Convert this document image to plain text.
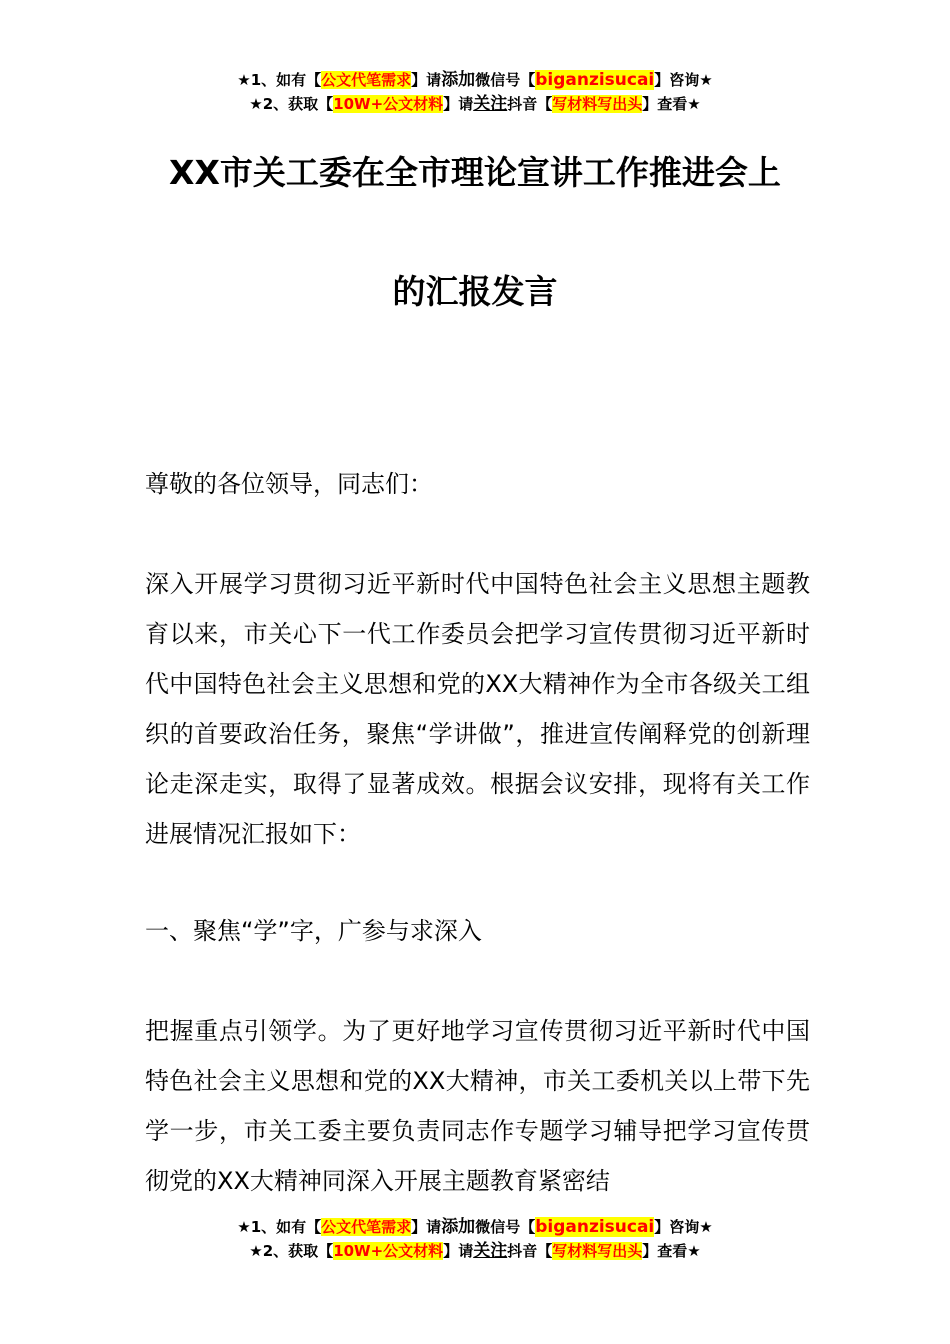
★1、如有【公文代笔需求】请添加微信号【biganzisucai】咨询★
★2、获取【10W+公文材料】请关注抖音【写材料写出头】查看★
XX市关工委在全市理论宣讲工作推进会上
的汇报发言

尊敬的各位领导，同志们：

深入开展学习贯彻习近平新时代中国特色社会主义思想主题教育以来，市关心下一代工作委员会把学习宣传贯彻习近平新时代中国特色社会主义思想和党的XX大精神作为全市各级关工组织的首要政治任务，聚焦“学讲做”，推进宣传阐释党的创新理论走深走实，取得了显著成效。根据会议安排，现将有关工作进展情况汇报如下：

一、聚焦“学”字，广参与求深入

把握重点引领学。为了更好地学习宣传贯彻习近平新时代中国特色社会主义思想和党的XX大精神，市关工委机关以上带下先学一步，市关工委主要负责同志作专题学习辅导把学习宣传贯彻党的XX大精神同深入开展主题教育紧密结

★1、如有【公文代笔需求】请添加微信号【biganzisucai】咨询★
★2、获取【10W+公文材料】请关注抖音【写材料写出头】查看★
